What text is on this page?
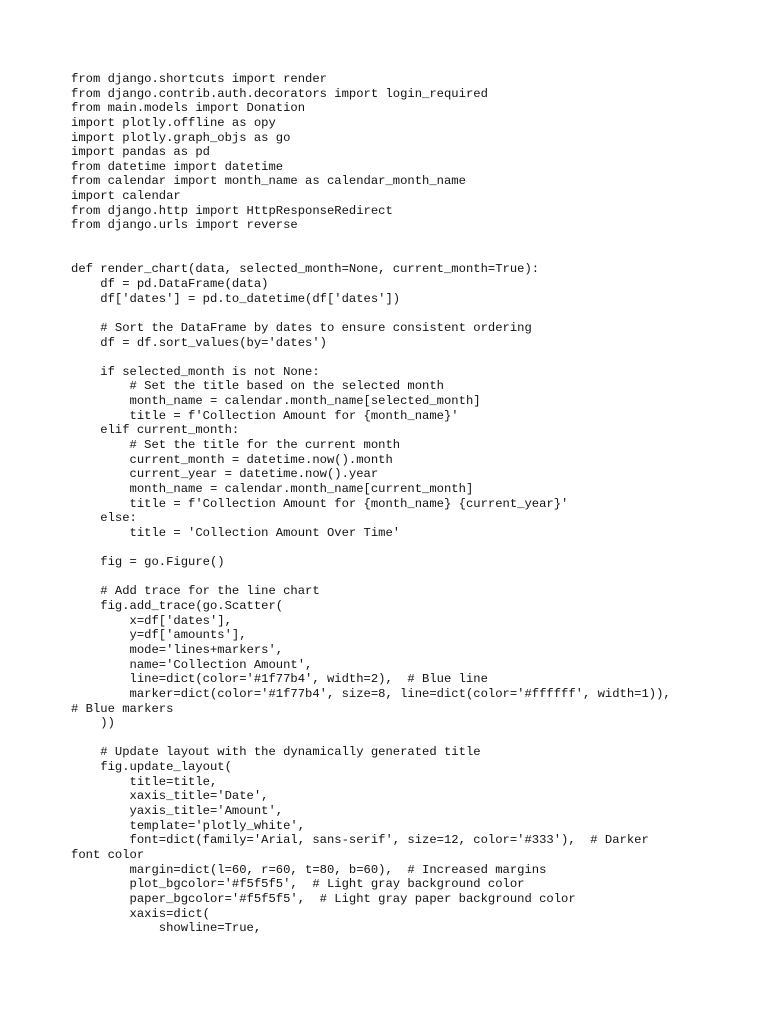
from django.shortcuts import render
from django.contrib.auth.decorators import login_required
from main.models import Donation
import plotly.offline as opy
import plotly.graph_objs as go
import pandas as pd
from datetime import datetime
from calendar import month_name as calendar_month_name
import calendar
from django.http import HttpResponseRedirect
from django.urls import reverse
def render_chart(data, selected_month=None, current_month=True):
df = pd.DataFrame(data)
df['dates'] = pd.to_datetime(df['dates'])
# Sort the DataFrame by dates to ensure consistent ordering
df = df.sort_values(by='dates')
if selected_month is not None:
# Set the title based on the selected month
month_name = calendar.month_name[selected_month]
title = f'Collection Amount for {month_name}'
elif current_month:
# Set the title for the current month
current_month = datetime.now().month
current_year = datetime.now().year
month_name = calendar.month_name[current_month]
title = f'Collection Amount for {month_name} {current_year}'
else:
title = 'Collection Amount Over Time'
fig = go.Figure()
# Add trace for the line chart
fig.add_trace(go.Scatter(
x=df['dates'],
y=df['amounts'],
mode='lines+markers',
name='Collection Amount',
line=dict(color='#1f77b4', width=2),  # Blue line
marker=dict(color='#1f77b4', size=8, line=dict(color='#ffffff', width=1)),
# Blue markers
))
# Update layout with the dynamically generated title
fig.update_layout(
title=title,
xaxis_title='Date',
yaxis_title='Amount',
template='plotly_white',
font=dict(family='Arial, sans-serif', size=12, color='#333'),  # Darker
font color
margin=dict(l=60, r=60, t=80, b=60),  # Increased margins
plot_bgcolor='#f5f5f5',  # Light gray background color
paper_bgcolor='#f5f5f5',  # Light gray paper background color
xaxis=dict(
showline=True,
